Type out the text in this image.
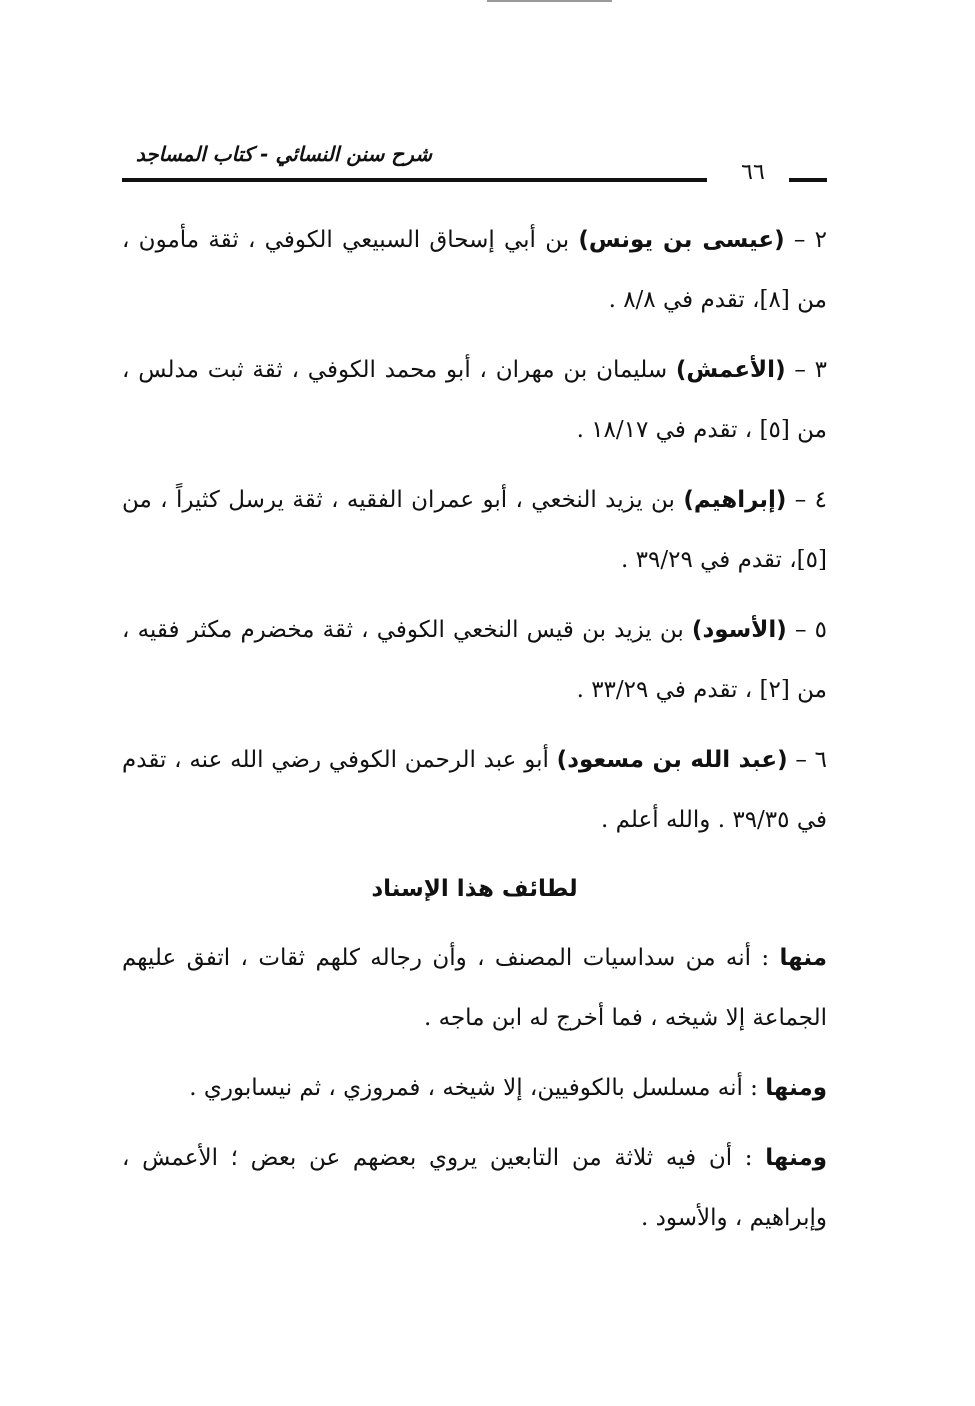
شرح سنن النسائي - كتاب المساجد
٦٦

٢ – (عيسى بن يونس) بن أبي إسحاق السبيعي الكوفي ، ثقة مأمون ، من [٨]، تقدم في ٨/٨ .

٣ – (الأعمش) سليمان بن مهران ، أبو محمد الكوفي ، ثقة ثبت مدلس ، من [٥] ، تقدم في ١٨/١٧ .

٤ – (إبراهيم) بن يزيد النخعي ، أبو عمران الفقيه ، ثقة يرسل كثيراً ، من [٥]، تقدم في ٣٩/٢٩ .

٥ – (الأسود) بن يزيد بن قيس النخعي الكوفي ، ثقة مخضرم مكثر فقيه ، من [٢] ، تقدم في ٣٣/٢٩ .

٦ – (عبد الله بن مسعود) أبو عبد الرحمن الكوفي رضي الله عنه ، تقدم في ٣٩/٣٥ . والله أعلم .

لطائف هذا الإسناد

منها : أنه من سداسيات المصنف ، وأن رجاله كلهم ثقات ، اتفق عليهم الجماعة إلا شيخه ، فما أخرج له ابن ماجه .

ومنها : أنه مسلسل بالكوفيين، إلا شيخه ، فمروزي ، ثم نيسابوري .

ومنها : أن فيه ثلاثة من التابعين يروي بعضهم عن بعض ؛ الأعمش ، وإبراهيم ، والأسود .
